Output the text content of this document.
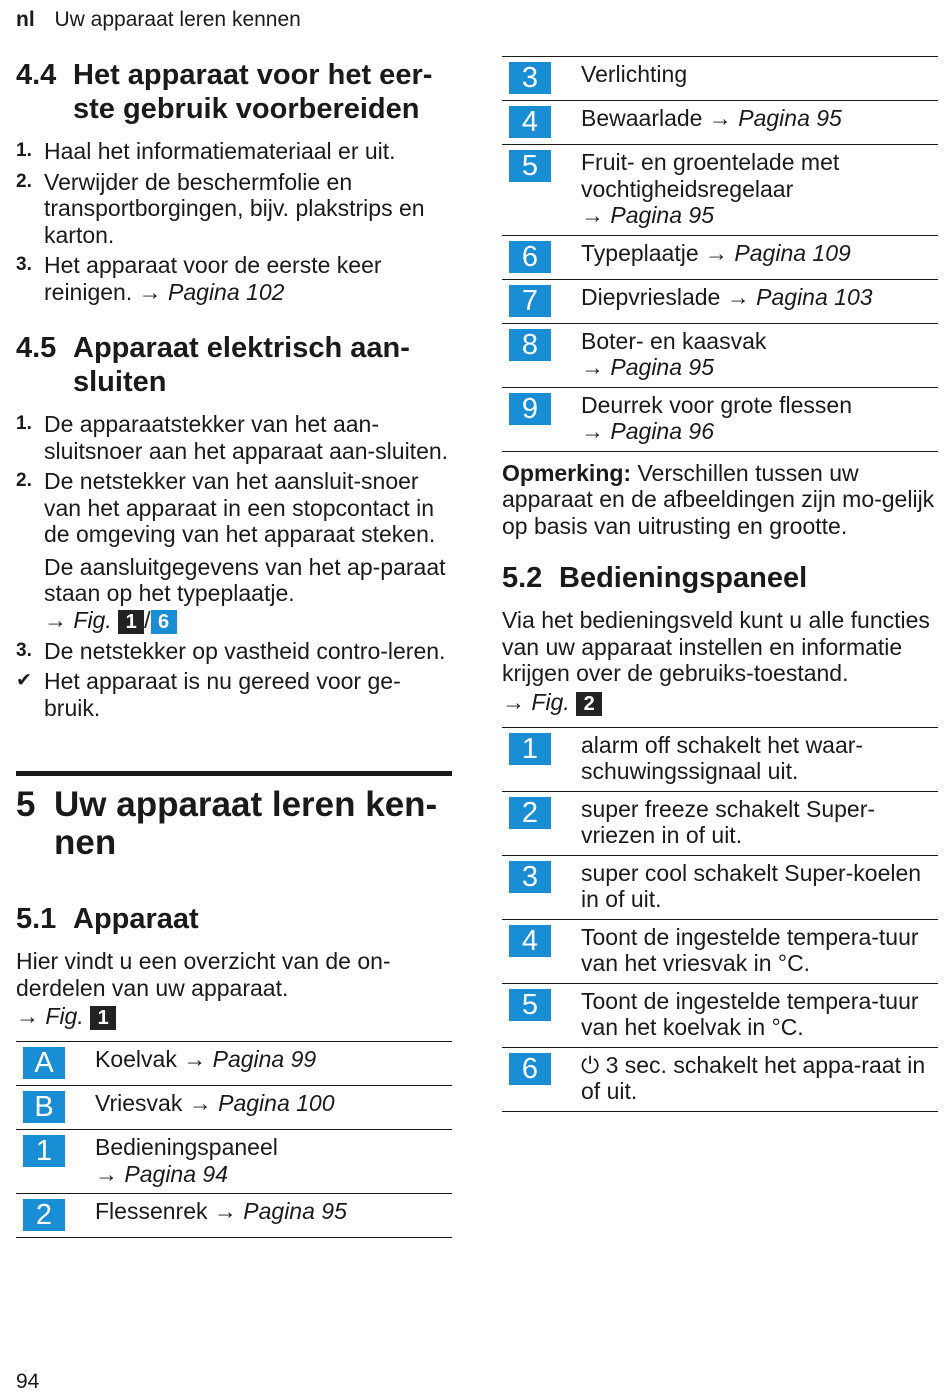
nl Uw apparaat leren kennen
4.4 Het apparaat voor het eer-ste gebruik voorbereiden
1. Haal het informatiemateriaal er uit.
2. Verwijder de beschermfolie en transportborgingen, bijv. plakstrips en karton.
3. Het apparaat voor de eerste keer reinigen. → Pagina 102
4.5 Apparaat elektrisch aan-sluiten
1. De apparaatstekker van het aan-sluitsnoer aan het apparaat aan-sluiten.
2. De netstekker van het aansluit-snoer van het apparaat in een stopcontact in de omgeving van het apparaat steken.
De aansluitgegevens van het ap-paraat staan op het typeplaatje.
→ Fig. 1 / 6
3. De netstekker op vastheid contro-leren.
✔ Het apparaat is nu gereed voor ge-bruik.
5 Uw apparaat leren ken-nen
5.1 Apparaat

Hier vindt u een overzicht van de on-derdelen van uw apparaat.

→ Fig. 1
A	Koelvak → Pagina 99
B	Vriesvak → Pagina 100
1	Bedieningspaneel
→ Pagina 94
2	Flessenrek → Pagina 95
3	Verlichting
4	Bewaarlade → Pagina 95
5	Fruit- en groentelade met vochtigheidsregelaar
→ Pagina 95
6	Typeplaatje → Pagina 109
7	Diepvrieslade → Pagina 103
8	Boter- en kaasvak
→ Pagina 95
9	Deurrek voor grote flessen
→ Pagina 96

Opmerking: Verschillen tussen uw apparaat en de afbeeldingen zijn mo-gelijk op basis van uitrusting en grootte.

5.2 Bedieningspaneel

Via het bedieningsveld kunt u alle functies van uw apparaat instellen en informatie krijgen over de gebruiks-toestand.

→ Fig. 2
1	alarm off schakelt het waar-schuwingssignaal uit.
2	super freeze schakelt Super-vriezen in of uit.
3	super cool schakelt Super-koelen in of uit.
4	Toont de ingestelde tempera-tuur van het vriesvak in °C.
5	Toont de ingestelde tempera-tuur van het koelvak in °C.
6	⏻ 3 sec. schakelt het appa-raat in of uit.
94
